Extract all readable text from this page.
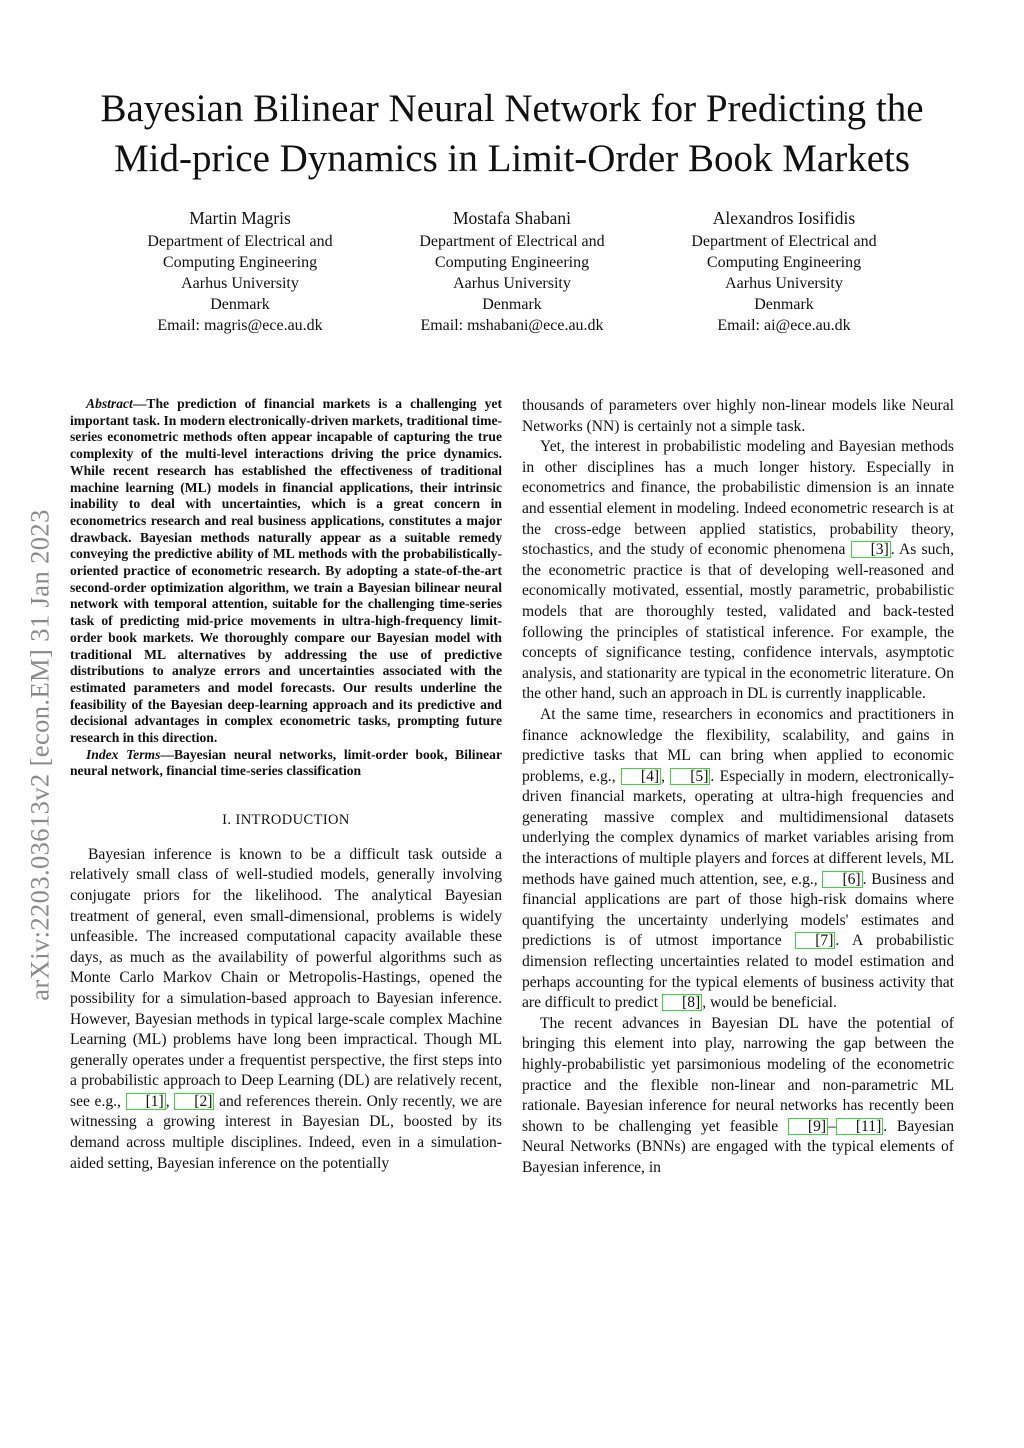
Bayesian Bilinear Neural Network for Predicting the
Mid-price Dynamics in Limit-Order Book Markets
Martin Magris
Department of Electrical and
Computing Engineering
Aarhus University
Denmark
Email: magris@ece.au.dk
Mostafa Shabani
Department of Electrical and
Computing Engineering
Aarhus University
Denmark
Email: mshabani@ece.au.dk
Alexandros Iosifidis
Department of Electrical and
Computing Engineering
Aarhus University
Denmark
Email: ai@ece.au.dk
arXiv:2203.03613v2 [econ.EM] 31 Jan 2023

Abstract—The prediction of financial markets is a challenging yet important task. In modern electronically-driven markets, traditional time-series econometric methods often appear incapable of capturing the true complexity of the multi-level interactions driving the price dynamics. While recent research has established the effectiveness of traditional machine learning (ML) models in financial applications, their intrinsic inability to deal with uncertainties, which is a great concern in econometrics research and real business applications, constitutes a major drawback. Bayesian methods naturally appear as a suitable remedy conveying the predictive ability of ML methods with the probabilistically-oriented practice of econometric research. By adopting a state-of-the-art second-order optimization algorithm, we train a Bayesian bilinear neural network with temporal attention, suitable for the challenging time-series task of predicting mid-price movements in ultra-high-frequency limit-order book markets. We thoroughly compare our Bayesian model with traditional ML alternatives by addressing the use of predictive distributions to analyze errors and uncertainties associated with the estimated parameters and model forecasts. Our results underline the feasibility of the Bayesian deep-learning approach and its predictive and decisional advantages in complex econometric tasks, prompting future research in this direction.

Index Terms—Bayesian neural networks, limit-order book, Bilinear neural network, financial time-series classification

I. INTRODUCTION

Bayesian inference is known to be a difficult task outside a relatively small class of well-studied models, generally involving conjugate priors for the likelihood. The analytical Bayesian treatment of general, even small-dimensional, problems is widely unfeasible. The increased computational capacity available these days, as much as the availability of powerful algorithms such as Monte Carlo Markov Chain or Metropolis-Hastings, opened the possibility for a simulation-based approach to Bayesian inference. However, Bayesian methods in typical large-scale complex Machine Learning (ML) problems have long been impractical. Though ML generally operates under a frequentist perspective, the first steps into a probabilistic approach to Deep Learning (DL) are relatively recent, see e.g., [1] , [2] and references therein. Only recently, we are witnessing a growing interest in Bayesian DL, boosted by its demand across multiple disciplines. Indeed, even in a simulation-aided setting, Bayesian inference on the potentially

thousands of parameters over highly non-linear models like Neural Networks (NN) is certainly not a simple task.

Yet, the interest in probabilistic modeling and Bayesian methods in other disciplines has a much longer history. Especially in econometrics and finance, the probabilistic dimension is an innate and essential element in modeling. Indeed econometric research is at the cross-edge between applied statistics, probability theory, stochastics, and the study of economic phenomena [3] . As such, the econometric practice is that of developing well-reasoned and economically motivated, essential, mostly parametric, probabilistic models that are thoroughly tested, validated and back-tested following the principles of statistical inference. For example, the concepts of significance testing, confidence intervals, asymptotic analysis, and stationarity are typical in the econometric literature. On the other hand, such an approach in DL is currently inapplicable.

At the same time, researchers in economics and practitioners in finance acknowledge the flexibility, scalability, and gains in predictive tasks that ML can bring when applied to economic problems, e.g., [4] , [5] . Especially in modern, electronically-driven financial markets, operating at ultra-high frequencies and generating massive complex and multidimensional datasets underlying the complex dynamics of market variables arising from the interactions of multiple players and forces at different levels, ML methods have gained much attention, see, e.g., [6] . Business and financial applications are part of those high-risk domains where quantifying the uncertainty underlying models' estimates and predictions is of utmost importance [7] . A probabilistic dimension reflecting uncertainties related to model estimation and perhaps accounting for the typical elements of business activity that are difficult to predict [8] , would be beneficial.

The recent advances in Bayesian DL have the potential of bringing this element into play, narrowing the gap between the highly-probabilistic yet parsimonious modeling of the econometric practice and the flexible non-linear and non-parametric ML rationale. Bayesian inference for neural networks has recently been shown to be challenging yet feasible [9] – [11] . Bayesian Neural Networks (BNNs) are engaged with the typical elements of Bayesian inference, in
